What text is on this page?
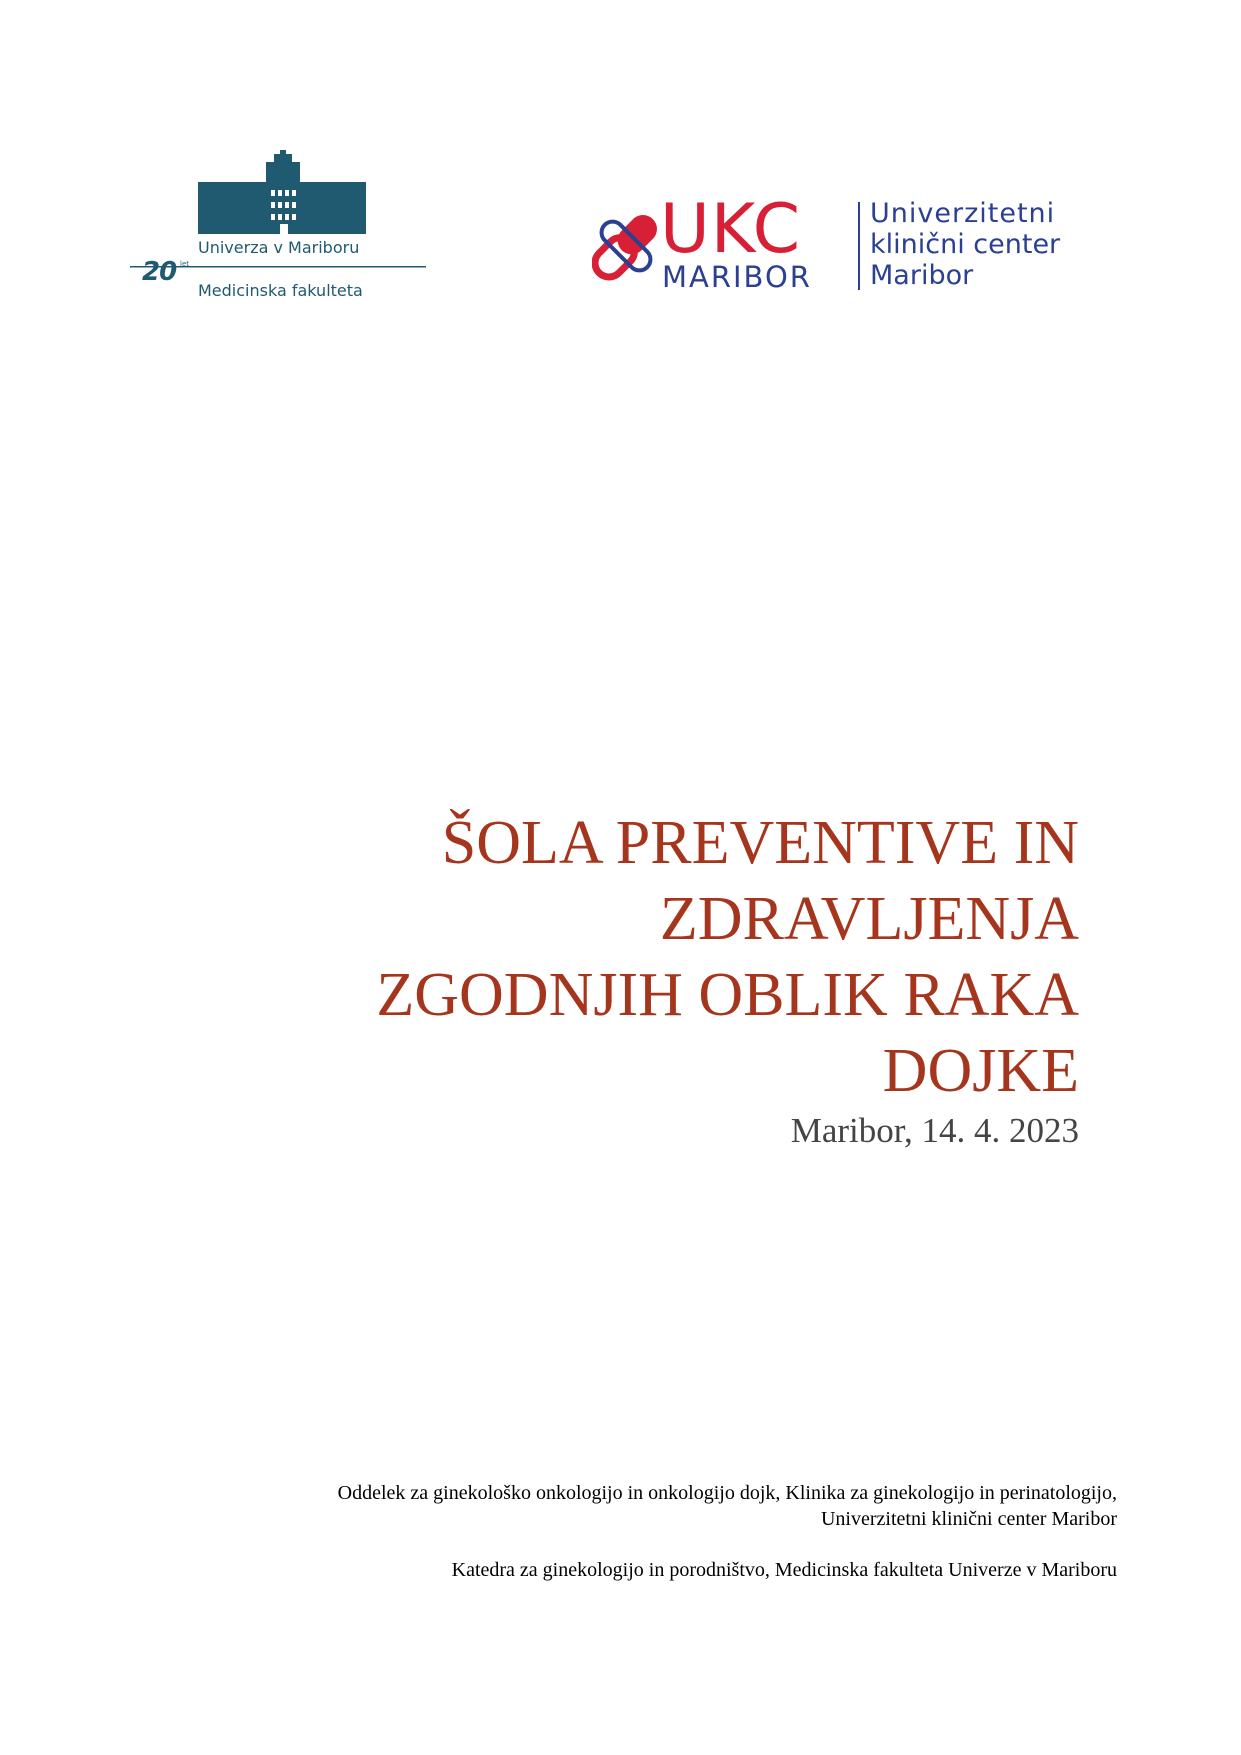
Univerza v Mariboru
20 let
Medicinska fakulteta
UKC
MARIBOR
Univerzitetni
klinični center
Maribor
ŠOLA PREVENTIVE IN
ZDRAVLJENJA
ZGODNJIH OBLIK RAKA
DOJKE
Maribor, 14. 4. 2023
Oddelek za ginekološko onkologijo in onkologijo dojk, Klinika za ginekologijo in perinatologijo,
Univerzitetni klinični center Maribor
Katedra za ginekologijo in porodništvo, Medicinska fakulteta Univerze v Mariboru
